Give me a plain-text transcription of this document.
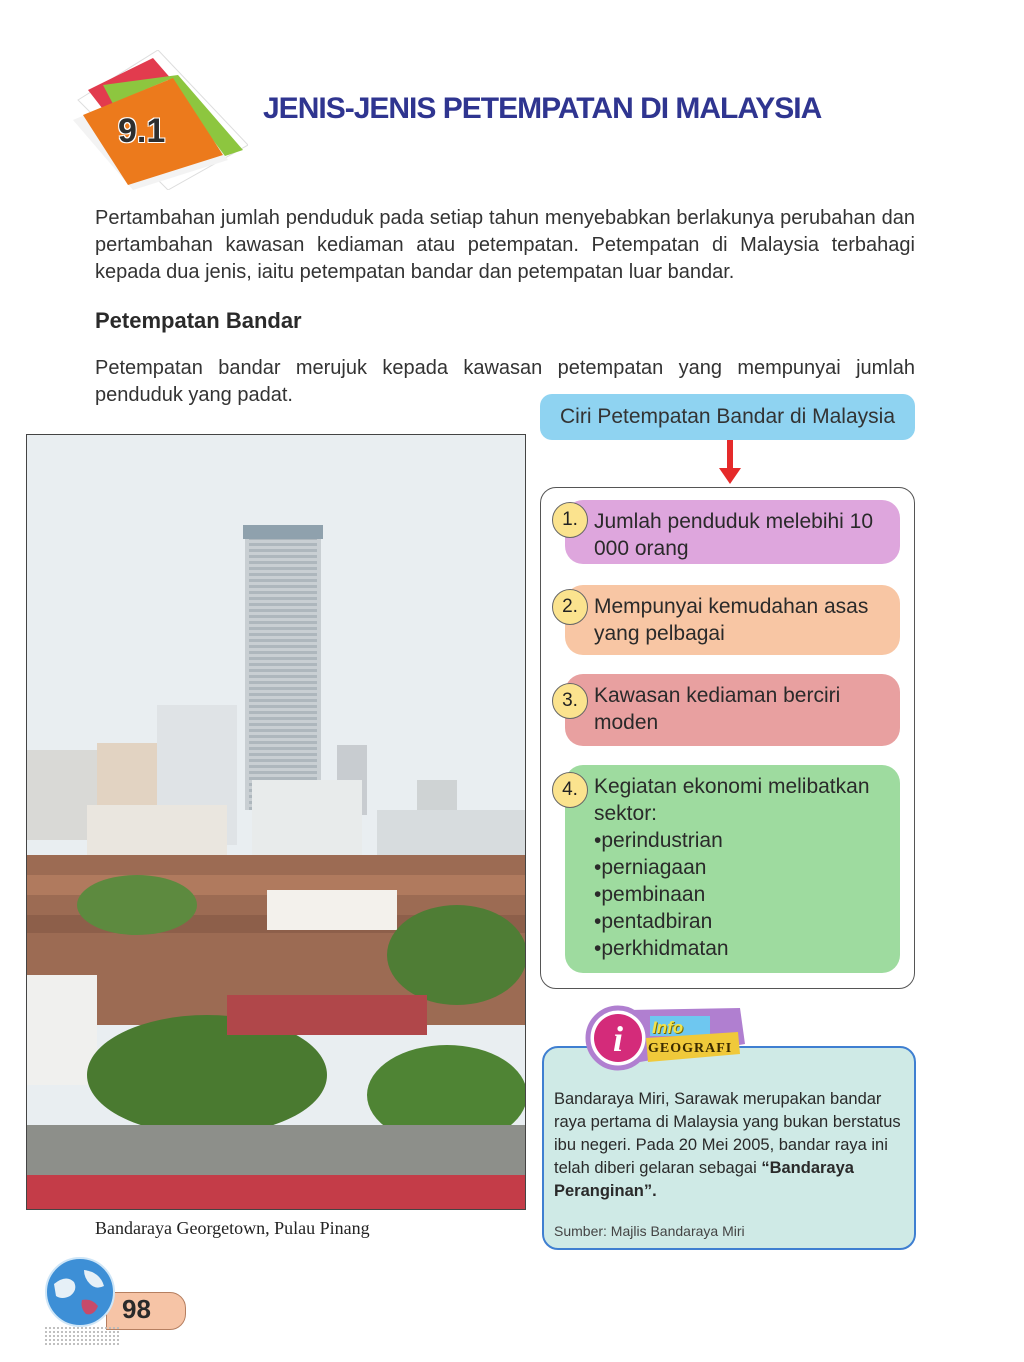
9.1
JENIS-JENIS PETEMPATAN DI MALAYSIA
Pertambahan jumlah penduduk pada setiap tahun menyebabkan berlakunya perubahan dan pertambahan kawasan kediaman atau petempatan. Petempatan di Malaysia terbahagi kepada dua jenis, iaitu petempatan bandar dan petempatan luar bandar.
Petempatan Bandar
Petempatan bandar merujuk kepada kawasan petempatan yang mempunyai jumlah penduduk yang padat.
Bandaraya Georgetown, Pulau Pinang
Ciri Petempatan Bandar di Malaysia
Jumlah penduduk melebihi 10 000 orang
1.
Mempunyai kemudahan asas yang pelbagai
2.
Kawasan kediaman berciri moden
3.
Kegiatan ekonomi melibatkan sektor:
• perindustrian
• perniagaan
• pembinaan
• pentadbiran
• perkhidmatan
4.
i Info
GEOGRAFI
Bandaraya Miri, Sarawak merupakan bandar raya pertama di Malaysia yang bukan berstatus ibu negeri. Pada 20 Mei 2005, bandar raya ini telah diberi gelaran sebagai “Bandaraya Peranginan”.
Sumber: Majlis Bandaraya Miri
98
